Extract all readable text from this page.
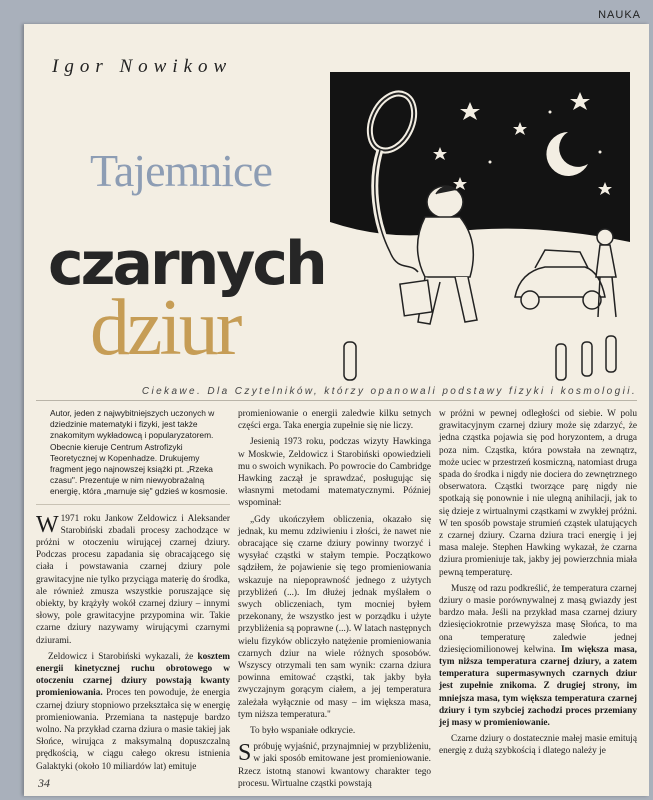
NAUKA
Igor Nowikow
Tajemnice
czarnych
dziur
Ciekawe. Dla Czytelników, którzy opanowali podstawy fizyki i kosmologii.

Autor, jeden z najwybitniejszych uczonych w dziedzinie matematyki i fizyki, jest także znakomitym wykładowcą i popularyzatorem. Obecnie kieruje Centrum Astrofizyki Teoretycznej w Kopenhadze. Drukujemy fragment jego najnowszej książki pt. „Rzeka czasu". Prezentuje w nim niewyobrażalną energię, która „marnuje się" gdzieś w kosmosie.

W 1971 roku Jankow Zeldowicz i Aleksander Starobiński zbadali procesy zachodzące w próżni w otoczeniu wirującej czarnej dziury. Podczas procesu zapadania się obracającego się ciała i powstawania czarnej dziury pole grawitacyjne nie tylko przyciąga materię do środka, ale również zmusza wszystkie poruszające się obiekty, by krążyły wokół czarnej dziury – innymi słowy, pole grawitacyjne przypomina wir. Takie czarne dziury nazywamy wirującymi czarnymi dziurami.

Zeldowicz i Starobiński wykazali, że kosztem energii kinetycznej ruchu obrotowego w otoczeniu czarnej dziury powstają kwanty promieniowania. Proces ten powoduje, że energia czarnej dziury stopniowo przekształca się w energię promieniowania. Przemiana ta następuje bardzo wolno. Na przykład czarna dziura o masie takiej jak Słońce, wirująca z maksymalną dopuszczalną prędkością, w ciągu całego okresu istnienia Galaktyki (około 10 miliardów lat) emituje

promieniowanie o energii zaledwie kilku setnych części erga. Taka energia zupełnie się nie liczy.

Jesienią 1973 roku, podczas wizyty Hawkinga w Moskwie, Zeldowicz i Starobiński opowiedzieli mu o swoich wynikach. Po powrocie do Cambridge Hawking zaczął je sprawdzać, posługując się własnymi metodami matematycznymi. Później wspominał:

„Gdy ukończyłem obliczenia, okazało się jednak, ku memu zdziwieniu i złości, że nawet nie obracające się czarne dziury powinny tworzyć i wysyłać cząstki w stałym tempie. Początkowo sądziłem, że pojawienie się tego promieniowania wskazuje na niepoprawność jednego z użytych przybliżeń (...). Im dłużej jednak myślałem o swych obliczeniach, tym mocniej byłem przekonany, że wszystko jest w porządku i użyte przybliżenia są poprawne (...). W latach następnych wielu fizyków obliczyło natężenie promieniowania czarnych dziur na wiele różnych sposobów. Wszyscy otrzymali ten sam wynik: czarna dziura powinna emitować cząstki, tak jakby była zwyczajnym gorącym ciałem, a jej temperatura zależała wyłącznie od masy – im większa masa, tym niższa temperatura."

To było wspaniałe odkrycie.

Spróbuję wyjaśnić, przynajmniej w przybliżeniu, w jaki sposób emitowane jest promieniowanie. Rzecz istotną stanowi kwantowy charakter tego procesu. Wirtualne cząstki powstają

w próżni w pewnej odległości od siebie. W polu grawitacyjnym czarnej dziury może się zdarzyć, że jedna cząstka pojawia się pod horyzontem, a druga poza nim. Cząstka, która powstała na zewnątrz, może uciec w przestrzeń kosmiczną, natomiast druga spada do środka i nigdy nie dociera do zewnętrznego obserwatora. Cząstki tworzące parę nigdy nie spotkają się ponownie i nie ulegną anihilacji, jak to się dzieje z wirtualnymi cząstkami w zwykłej próżni. W ten sposób powstaje strumień cząstek ulatujących z czarnej dziury. Czarna dziura traci energię i jej masa maleje. Stephen Hawking wykazał, że czarna dziura promieniuje tak, jakby jej powierzchnia miała pewną temperaturę.

Muszę od razu podkreślić, że temperatura czarnej dziury o masie porównywalnej z masą gwiazdy jest bardzo mała. Jeśli na przykład masa czarnej dziury dziesięciokrotnie przewyższa masę Słońca, to ma ona temperaturę zaledwie jednej dziesięciomilionowej kelwina. Im większa masa, tym niższa temperatura czarnej dziury, a zatem temperatura supermasywnych czarnych dziur jest zupełnie znikoma. Z drugiej strony, im mniejsza masa, tym większa temperatura czarnej dziury i tym szybciej zachodzi proces przemiany jej masy w promieniowanie.

Czarne dziury o dostatecznie małej masie emitują energię z dużą szybkością i dlatego należy je

34
